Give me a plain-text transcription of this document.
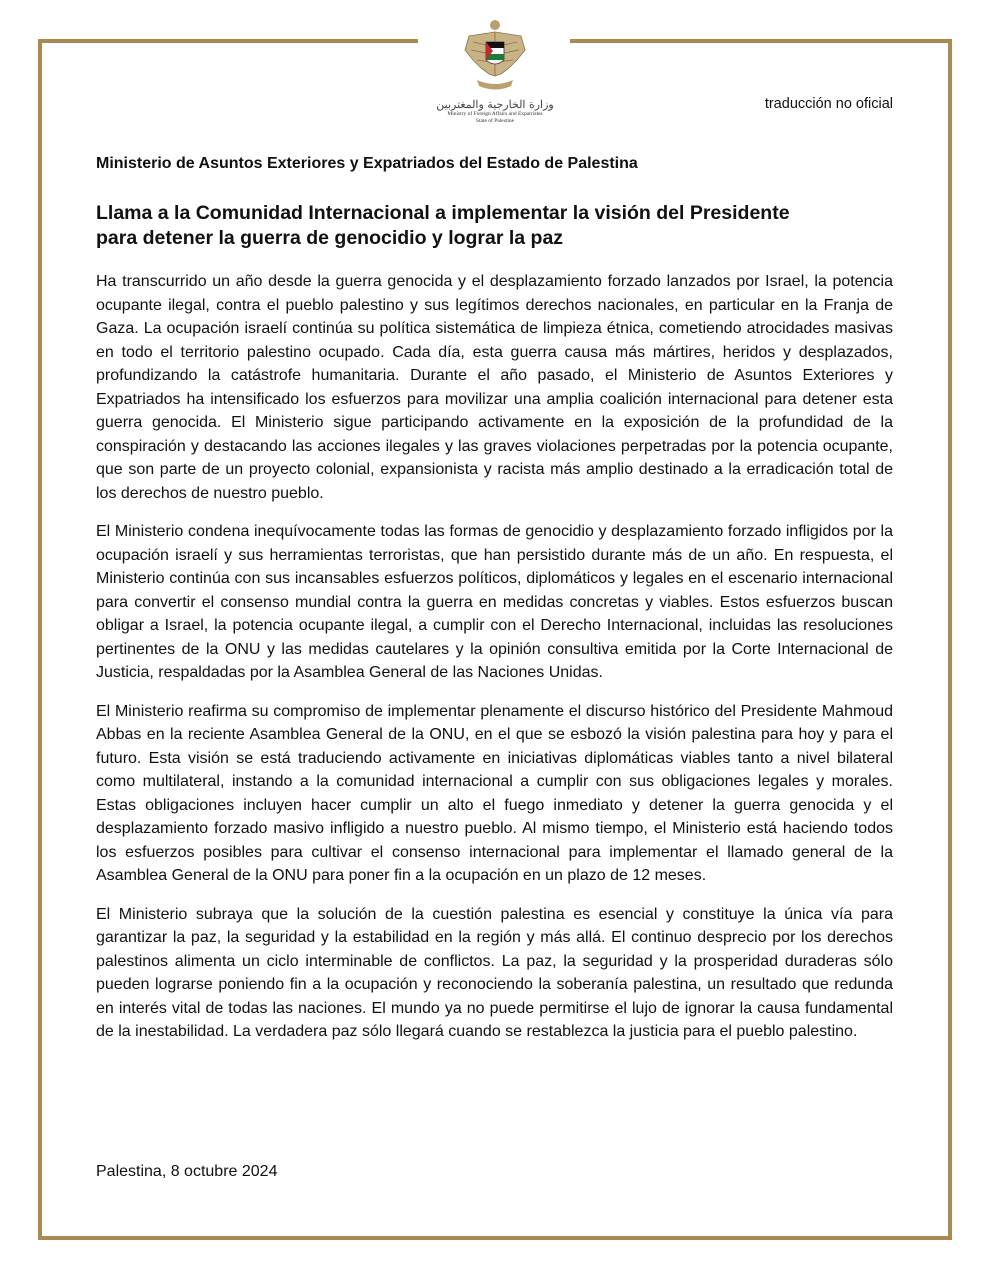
وزارة الخارجية والمغتربين
Ministry of Foreign Affairs and Expatriates
State of Palestine
traducción no oficial
Ministerio de Asuntos Exteriores y Expatriados del Estado de Palestina
Llama a la Comunidad Internacional a implementar la visión del Presidente
para detener la guerra de genocidio y lograr la paz

Ha transcurrido un año desde la guerra genocida y el desplazamiento forzado lanzados por Israel, la potencia ocupante ilegal, contra el pueblo palestino y sus legítimos derechos nacionales, en particular en la Franja de Gaza. La ocupación israelí continúa su política sistemática de limpieza étnica, cometiendo atrocidades masivas en todo el territorio palestino ocupado. Cada día, esta guerra causa más mártires, heridos y desplazados, profundizando la catástrofe humanitaria. Durante el año pasado, el Ministerio de Asuntos Exteriores y Expatriados ha intensificado los esfuerzos para movilizar una amplia coalición internacional para detener esta guerra genocida. El Ministerio sigue participando activamente en la exposición de la profundidad de la conspiración y destacando las acciones ilegales y las graves violaciones perpetradas por la potencia ocupante, que son parte de un proyecto colonial, expansionista y racista más amplio destinado a la erradicación total de los derechos de nuestro pueblo.

El Ministerio condena inequívocamente todas las formas de genocidio y desplazamiento forzado infligidos por la ocupación israelí y sus herramientas terroristas, que han persistido durante más de un año. En respuesta, el Ministerio continúa con sus incansables esfuerzos políticos, diplomáticos y legales en el escenario internacional para convertir el consenso mundial contra la guerra en medidas concretas y viables. Estos esfuerzos buscan obligar a Israel, la potencia ocupante ilegal, a cumplir con el Derecho Internacional, incluidas las resoluciones pertinentes de la ONU y las medidas cautelares y la opinión consultiva emitida por la Corte Internacional de Justicia, respaldadas por la Asamblea General de las Naciones Unidas.

El Ministerio reafirma su compromiso de implementar plenamente el discurso histórico del Presidente Mahmoud Abbas en la reciente Asamblea General de la ONU, en el que se esbozó la visión palestina para hoy y para el futuro. Esta visión se está traduciendo activamente en iniciativas diplomáticas viables tanto a nivel bilateral como multilateral, instando a la comunidad internacional a cumplir con sus obligaciones legales y morales. Estas obligaciones incluyen hacer cumplir un alto el fuego inmediato y detener la guerra genocida y el desplazamiento forzado masivo infligido a nuestro pueblo. Al mismo tiempo, el Ministerio está haciendo todos los esfuerzos posibles para cultivar el consenso internacional para implementar el llamado general de la Asamblea General de la ONU para poner fin a la ocupación en un plazo de 12 meses.

El Ministerio subraya que la solución de la cuestión palestina es esencial y constituye la única vía para garantizar la paz, la seguridad y la estabilidad en la región y más allá. El continuo desprecio por los derechos palestinos alimenta un ciclo interminable de conflictos. La paz, la seguridad y la prosperidad duraderas sólo pueden lograrse poniendo fin a la ocupación y reconociendo la soberanía palestina, un resultado que redunda en interés vital de todas las naciones. El mundo ya no puede permitirse el lujo de ignorar la causa fundamental de la inestabilidad. La verdadera paz sólo llegará cuando se restablezca la justicia para el pueblo palestino.

Palestina, 8 octubre 2024
